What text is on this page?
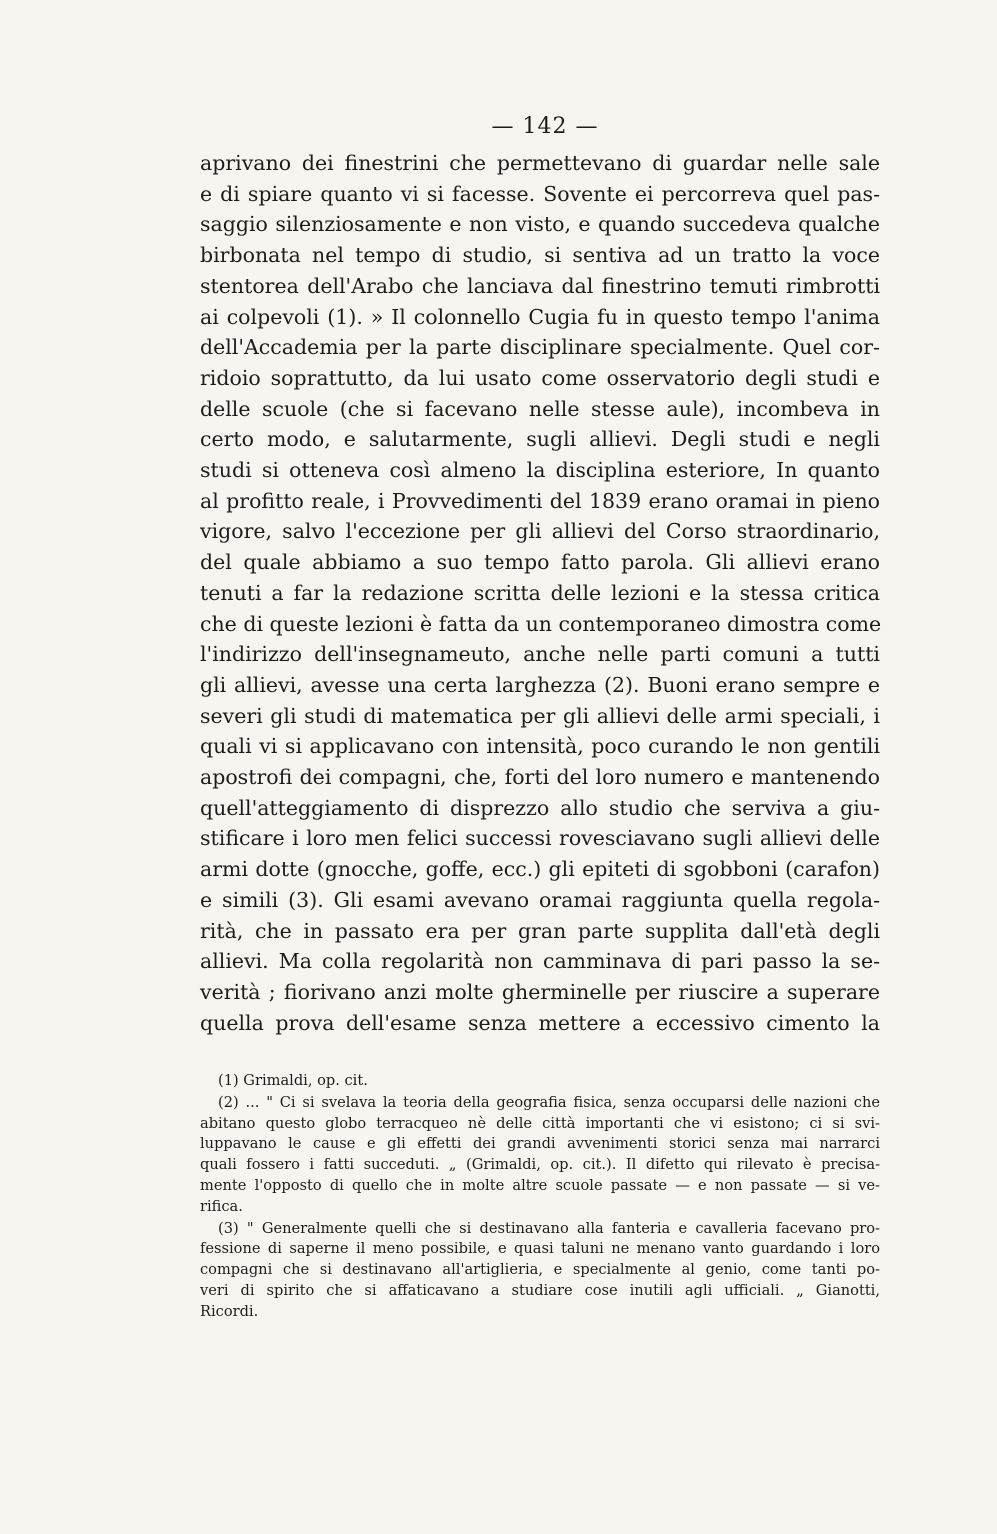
— 142 —
aprivano dei finestrini che permettevano di guardar nelle sale
e di spiare quanto vi si facesse. Sovente ei percorreva quel pas-
saggio silenziosamente e non visto, e quando succedeva qualche
birbonata nel tempo di studio, si sentiva ad un tratto la voce
stentorea dell'Arabo che lanciava dal finestrino temuti rimbrotti
ai colpevoli (1). » Il colonnello Cugia fu in questo tempo l'anima
dell'Accademia per la parte disciplinare specialmente. Quel cor-
ridoio soprattutto, da lui usato come osservatorio degli studi e
delle scuole (che si facevano nelle stesse aule), incombeva in
certo modo, e salutarmente, sugli allievi. Degli studi e negli
studi si otteneva così almeno la disciplina esteriore, In quanto
al profitto reale, i Provvedimenti del 1839 erano oramai in pieno
vigore, salvo l'eccezione per gli allievi del Corso straordinario,
del quale abbiamo a suo tempo fatto parola. Gli allievi erano
tenuti a far la redazione scritta delle lezioni e la stessa critica
che di queste lezioni è fatta da un contemporaneo dimostra come
l'indirizzo dell'insegnameuto, anche nelle parti comuni a tutti
gli allievi, avesse una certa larghezza (2). Buoni erano sempre e
severi gli studi di matematica per gli allievi delle armi speciali, i
quali vi si applicavano con intensità, poco curando le non gentili
apostrofi dei compagni, che, forti del loro numero e mantenendo
quell'atteggiamento di disprezzo allo studio che serviva a giu-
stificare i loro men felici successi rovesciavano sugli allievi delle
armi dotte (gnocche, goffe, ecc.) gli epiteti di sgobboni (carafon)
e simili (3). Gli esami avevano oramai raggiunta quella regola-
rità, che in passato era per gran parte supplita dall'età degli
allievi. Ma colla regolarità non camminava di pari passo la se-
verità ; fiorivano anzi molte gherminelle per riuscire a superare
quella prova dell'esame senza mettere a eccessivo cimento la
(1) Grimaldi, op. cit.
(2) ... " Ci si svelava la teoria della geografia fisica, senza occuparsi delle nazioni che
abitano questo globo terracqueo nè delle città importanti che vi esistono; ci si svi-
luppavano le cause e gli effetti dei grandi avvenimenti storici senza mai narrarci
quali fossero i fatti succeduti. „ (Grimaldi, op. cit.). Il difetto qui rilevato è precisa-
mente l'opposto di quello che in molte altre scuole passate — e non passate — si ve-
rifica.
(3) " Generalmente quelli che si destinavano alla fanteria e cavalleria facevano pro-
fessione di saperne il meno possibile, e quasi taluni ne menano vanto guardando i loro
compagni che si destinavano all'artiglieria, e specialmente al genio, come tanti po-
veri di spirito che si affaticavano a studiare cose inutili agli ufficiali. „ Gianotti,
Ricordi.
